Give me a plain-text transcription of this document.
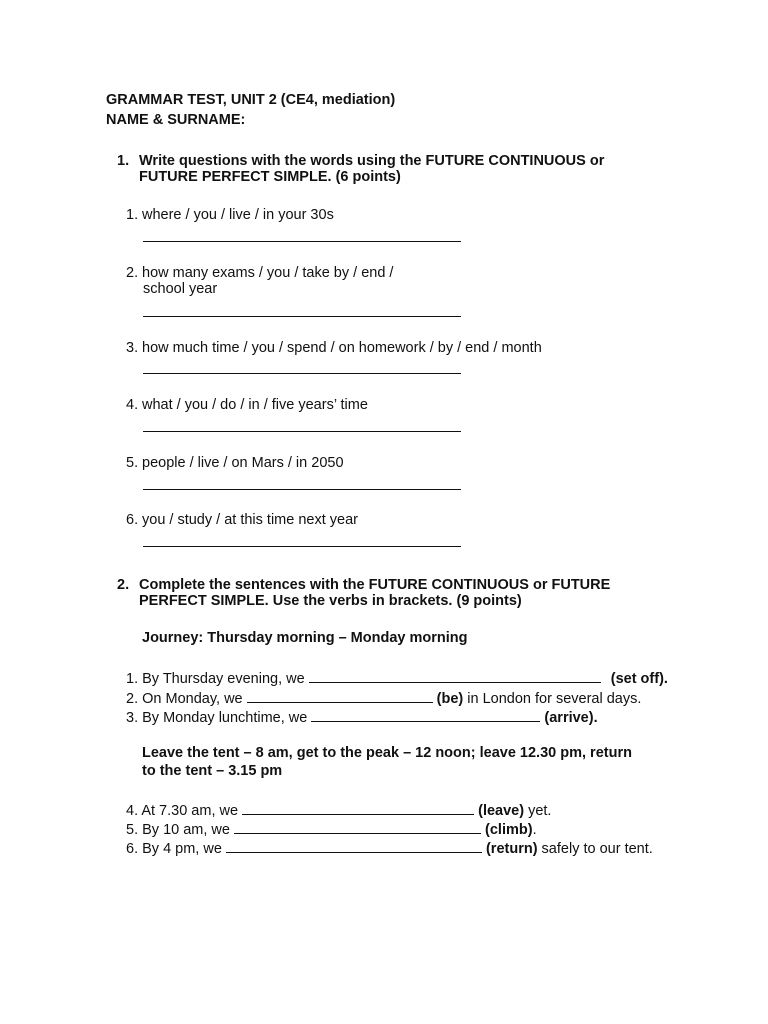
GRAMMAR TEST, UNIT 2 (CE4, mediation)
NAME & SURNAME:
1. Write questions with the words using the FUTURE CONTINUOUS or
FUTURE PERFECT SIMPLE. (6 points)
1. where / you / live / in your 30s
2. how many exams / you / take by / end /
school year
3. how much time / you / spend / on homework / by / end / month
4. what / you / do / in / five years’ time
5. people / live / on Mars / in 2050
6. you / study / at this time next year
2. Complete the sentences with the FUTURE CONTINUOUS or FUTURE
PERFECT SIMPLE. Use the verbs in brackets. (9 points)
Journey: Thursday morning – Monday morning
1. By Thursday evening, we	(set off).
2. On Monday, we	(be) in London for several days.
3. By Monday lunchtime, we	(arrive).
Leave the tent – 8 am, get to the peak – 12 noon; leave 12.30 pm, return
to the tent – 3.15 pm
4. At 7.30 am, we	(leave) yet.
5. By 10 am, we	(climb).
6. By 4 pm, we	(return) safely to our tent.
